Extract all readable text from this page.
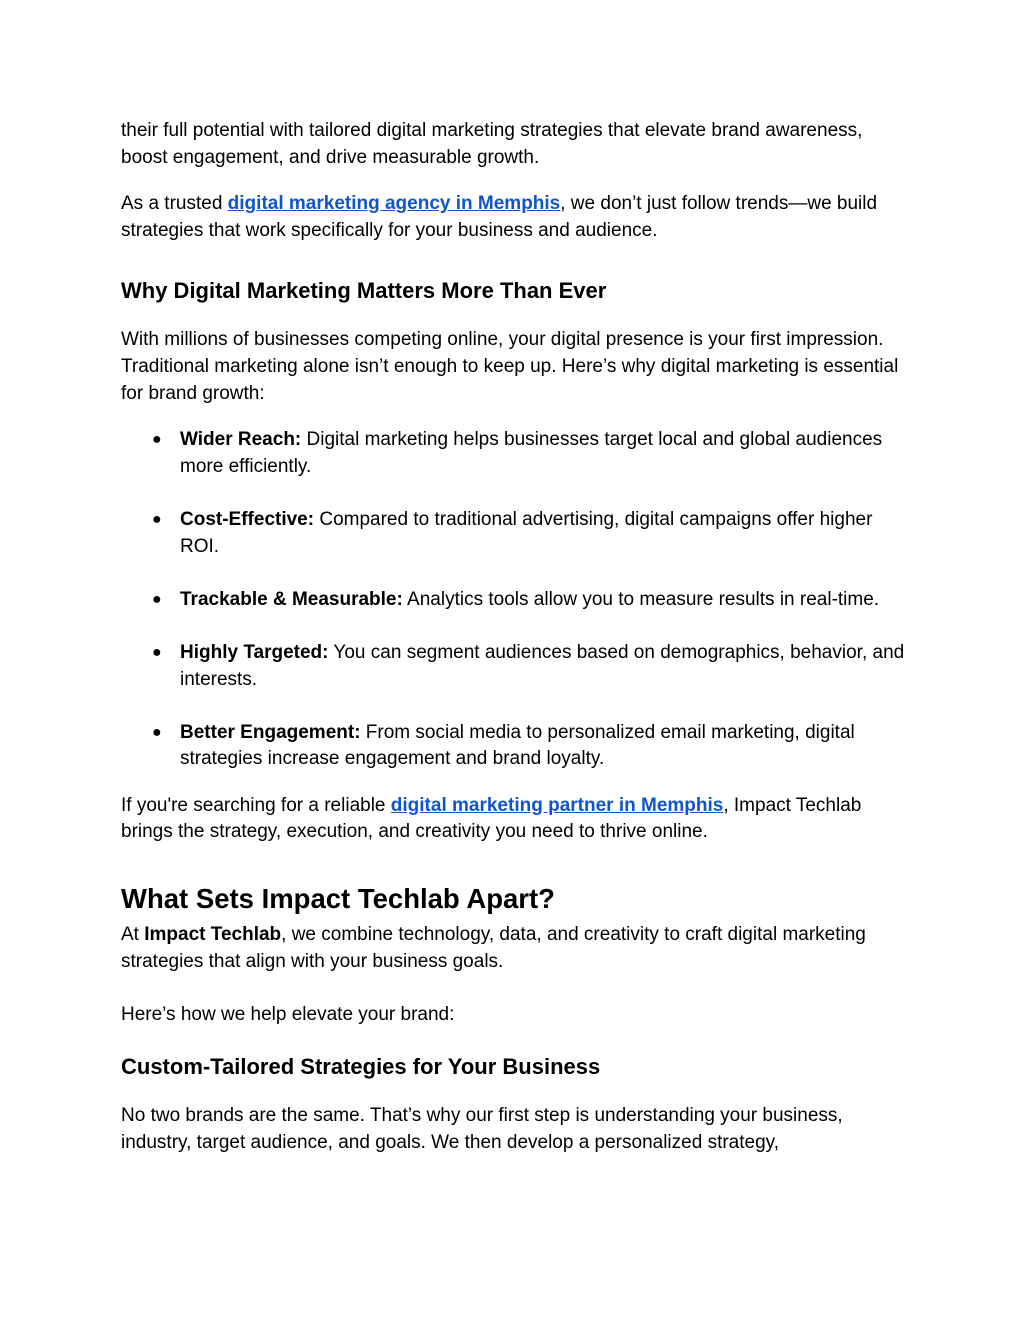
their full potential with tailored digital marketing strategies that elevate brand awareness, boost engagement, and drive measurable growth.

As a trusted digital marketing agency in Memphis, we don’t just follow trends—we build strategies that work specifically for your business and audience.

Why Digital Marketing Matters More Than Ever

With millions of businesses competing online, your digital presence is your first impression. Traditional marketing alone isn’t enough to keep up. Here’s why digital marketing is essential for brand growth:

● Wider Reach: Digital marketing helps businesses target local and global audiences more efficiently.
● Cost-Effective: Compared to traditional advertising, digital campaigns offer higher ROI.
● Trackable & Measurable: Analytics tools allow you to measure results in real-time.
● Highly Targeted: You can segment audiences based on demographics, behavior, and interests.
● Better Engagement: From social media to personalized email marketing, digital strategies increase engagement and brand loyalty.

If you're searching for a reliable digital marketing partner in Memphis, Impact Techlab brings the strategy, execution, and creativity you need to thrive online.

What Sets Impact Techlab Apart?

At Impact Techlab, we combine technology, data, and creativity to craft digital marketing strategies that align with your business goals.

Here’s how we help elevate your brand:

Custom-Tailored Strategies for Your Business

No two brands are the same. That’s why our first step is understanding your business, industry, target audience, and goals. We then develop a personalized strategy,
